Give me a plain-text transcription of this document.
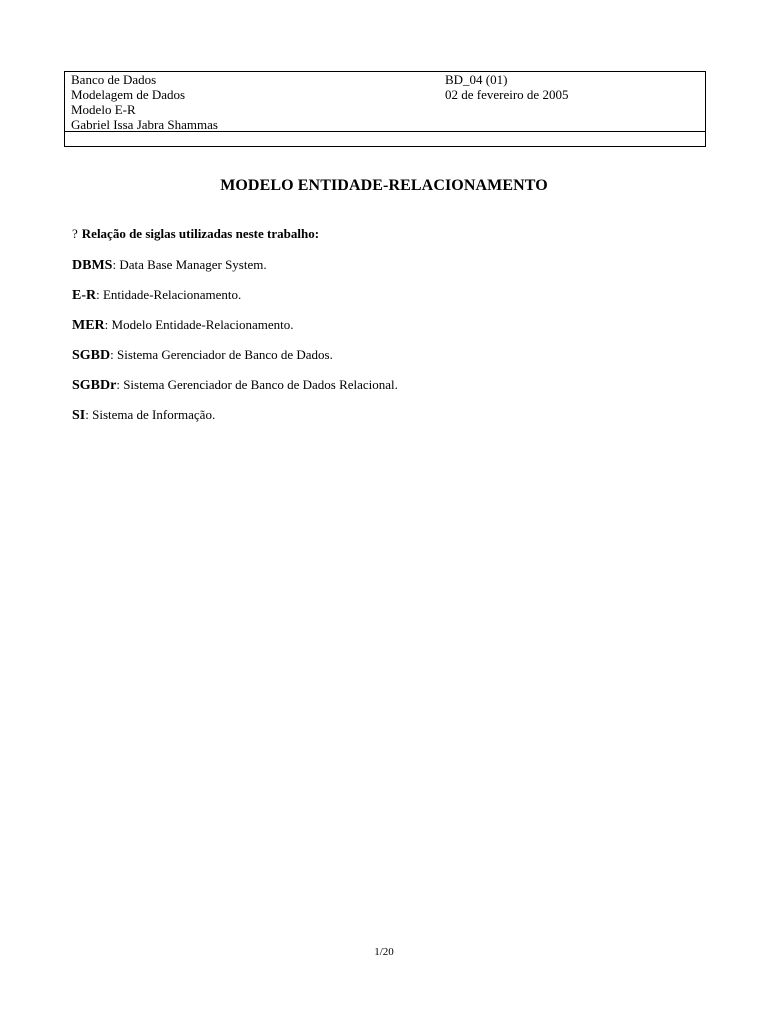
Banco de Dados
Modelagem de Dados
Modelo E-R
Gabriel Issa Jabra Shammas
BD_04 (01)
02 de fevereiro de 2005
MODELO ENTIDADE-RELACIONAMENTO
? Relação de siglas utilizadas neste trabalho:
DBMS: Data Base Manager System.
E-R: Entidade-Relacionamento.
MER: Modelo Entidade-Relacionamento.
SGBD: Sistema Gerenciador de Banco de Dados.
SGBDr: Sistema Gerenciador de Banco de Dados Relacional.
SI: Sistema de Informação.
1/20
